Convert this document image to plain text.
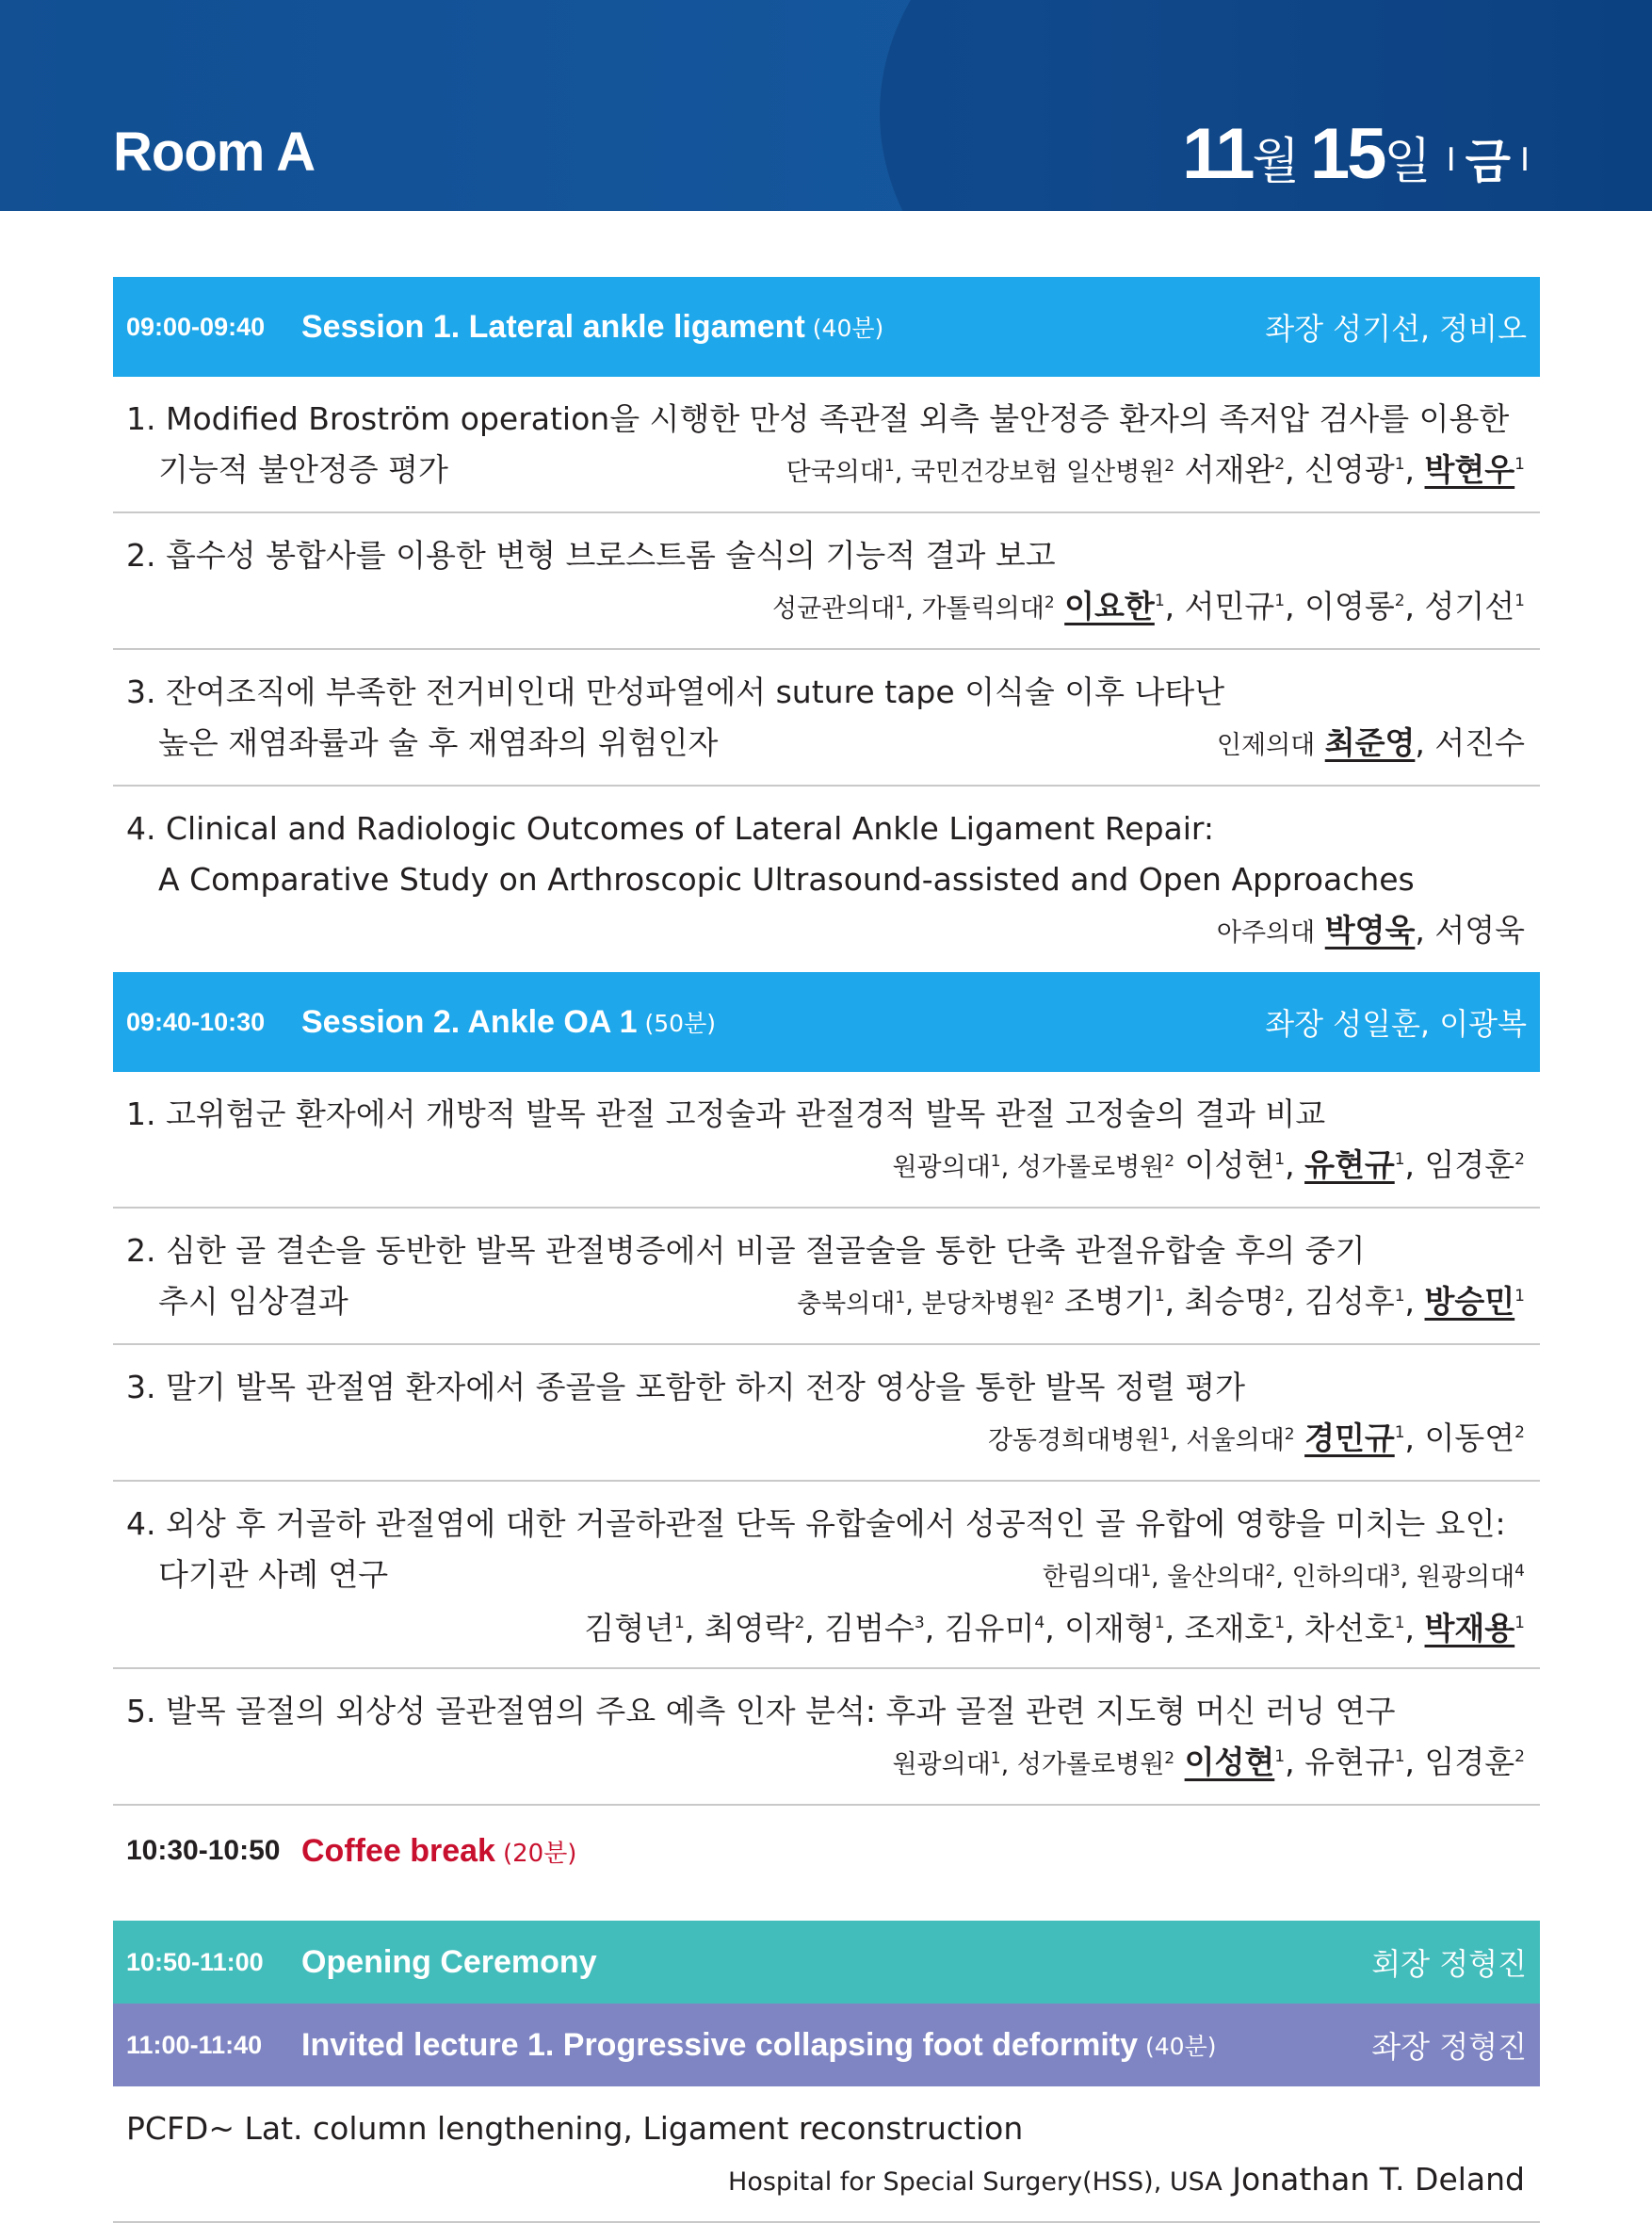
Room A	11월 15일 I 금 I
09:00-09:40	Session 1. Lateral ankle ligament (40분)	좌장 성기선, 정비오
1. Modified Broström operation을 시행한 만성 족관절 외측 불안정증 환자의 족저압 검사를 이용한
기능적 불안정증 평가	단국의대$^1$, 국민건강보험 일산병원$^2$ 서재완$^2$, 신영광$^1$, 박현우$^1$
2. 흡수성 봉합사를 이용한 변형 브로스트롬 술식의 기능적 결과 보고
성균관의대$^1$, 가톨릭의대$^2$ 이요한$^1$, 서민규$^1$, 이영롱$^2$, 성기선$^1$
3. 잔여조직에 부족한 전거비인대 만성파열에서 suture tape 이식술 이후 나타난
높은 재염좌률과 술 후 재염좌의 위험인자	인제의대 최준영, 서진수
4. Clinical and Radiologic Outcomes of Lateral Ankle Ligament Repair:
A Comparative Study on Arthroscopic Ultrasound-assisted and Open Approaches
아주의대 박영욱, 서영욱
09:40-10:30	Session 2. Ankle OA 1 (50분)	좌장 성일훈, 이광복
1. 고위험군 환자에서 개방적 발목 관절 고정술과 관절경적 발목 관절 고정술의 결과 비교
원광의대$^1$, 성가롤로병원$^2$ 이성현$^1$, 유현규$^1$, 임경훈$^2$
2. 심한 골 결손을 동반한 발목 관절병증에서 비골 절골술을 통한 단축 관절유합술 후의 중기
추시 임상결과	충북의대$^1$, 분당차병원$^2$ 조병기$^1$, 최승명$^2$, 김성후$^1$, 방승민$^1$
3. 말기 발목 관절염 환자에서 종골을 포함한 하지 전장 영상을 통한 발목 정렬 평가
강동경희대병원$^1$, 서울의대$^2$ 경민규$^1$, 이동연$^2$
4. 외상 후 거골하 관절염에 대한 거골하관절 단독 유합술에서 성공적인 골 유합에 영향을 미치는 요인:
다기관 사례 연구	한림의대$^1$, 울산의대$^2$, 인하의대$^3$, 원광의대$^4$
김형년$^1$, 최영락$^2$, 김범수$^3$, 김유미$^4$, 이재형$^1$, 조재호$^1$, 차선호$^1$, 박재용$^1$
5. 발목 골절의 외상성 골관절염의 주요 예측 인자 분석: 후과 골절 관련 지도형 머신 러닝 연구
원광의대$^1$, 성가롤로병원$^2$ 이성현$^1$, 유현규$^1$, 임경훈$^2$
10:30-10:50 Coffee break (20분)
10:50-11:00	Opening Ceremony	회장 정형진
11:00-11:40	Invited lecture 1. Progressive collapsing foot deformity (40분)	좌장 정형진
PCFD~ Lat. column lengthening, Ligament reconstruction
Hospital for Special Surgery(HSS), USA Jonathan T. Deland
